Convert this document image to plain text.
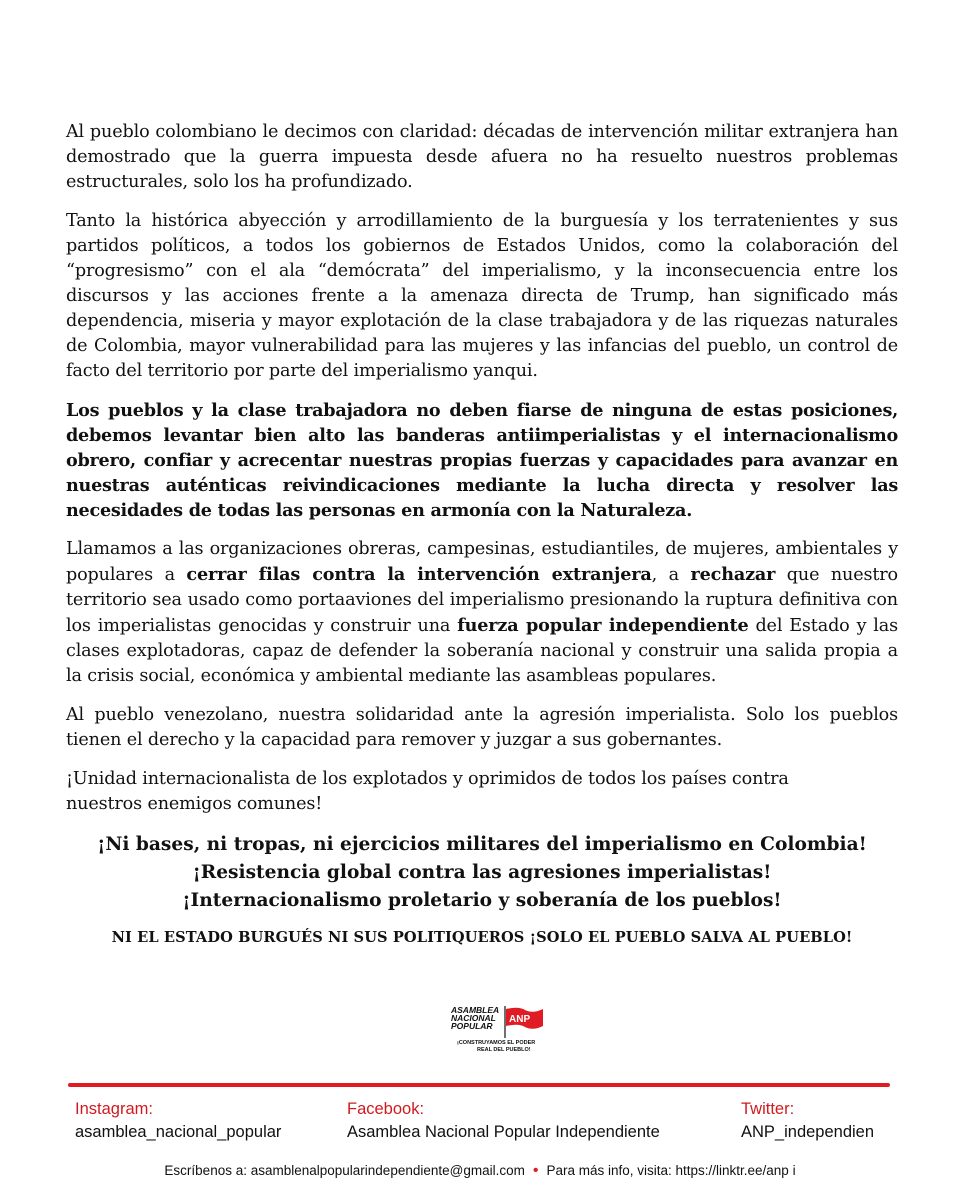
Al pueblo colombiano le decimos con claridad: décadas de intervención militar extranjera han demostrado que la guerra impuesta desde afuera no ha resuelto nuestros problemas estructurales, solo los ha profundizado.

Tanto la histórica abyección y arrodillamiento de la burguesía y los terratenientes y sus partidos políticos, a todos los gobiernos de Estados Unidos, como la colaboración del “progresismo” con el ala “demócrata” del imperialismo, y la inconsecuencia entre los discursos y las acciones frente a la amenaza directa de Trump, han significado más dependencia, miseria y mayor explotación de la clase trabajadora y de las riquezas naturales de Colombia, mayor vulnerabilidad para las mujeres y las infancias del pueblo, un control de facto del territorio por parte del imperialismo yanqui.

Los pueblos y la clase trabajadora no deben fiarse de ninguna de estas posiciones, debemos levantar bien alto las banderas antiimperialistas y el internacionalismo obrero, confiar y acrecentar nuestras propias fuerzas y capacidades para avanzar en nuestras auténticas reivindicaciones mediante la lucha directa y resolver las necesidades de todas las personas en armonía con la Naturaleza.

Llamamos a las organizaciones obreras, campesinas, estudiantiles, de mujeres, ambientales y populares a cerrar filas contra la intervención extranjera, a rechazar que nuestro territorio sea usado como portaaviones del imperialismo presionando la ruptura definitiva con los imperialistas genocidas y construir una fuerza popular independiente del Estado y las clases explotadoras, capaz de defender la soberanía nacional y construir una salida propia a la crisis social, económica y ambiental mediante las asambleas populares.

Al pueblo venezolano, nuestra solidaridad ante la agresión imperialista. Solo los pueblos tienen el derecho y la capacidad para remover y juzgar a sus gobernantes.

¡Unidad internacionalista de los explotados y oprimidos de todos los países contra
nuestros enemigos comunes!

¡Ni bases, ni tropas, ni ejercicios militares del imperialismo en Colombia!
¡Resistencia global contra las agresiones imperialistas!
¡Internacionalismo proletario y soberanía de los pueblos!
NI EL ESTADO BURGUÉS NI SUS POLITIQUEROS ¡SOLO EL PUEBLO SALVA AL PUEBLO!
ASAMBLEA
NACIONAL
POPULAR
ANP
¡CONSTRUYAMOS EL PODER
REAL DEL PUEBLO!
Instagram:
asamblea_nacional_popular
Facebook:
Asamblea Nacional Popular Independiente
Twitter:
ANP_independien
Escríbenos a: asamblenalpopularindependiente@gmail.com • Para más info, visita: https://linktr.ee/anp i
